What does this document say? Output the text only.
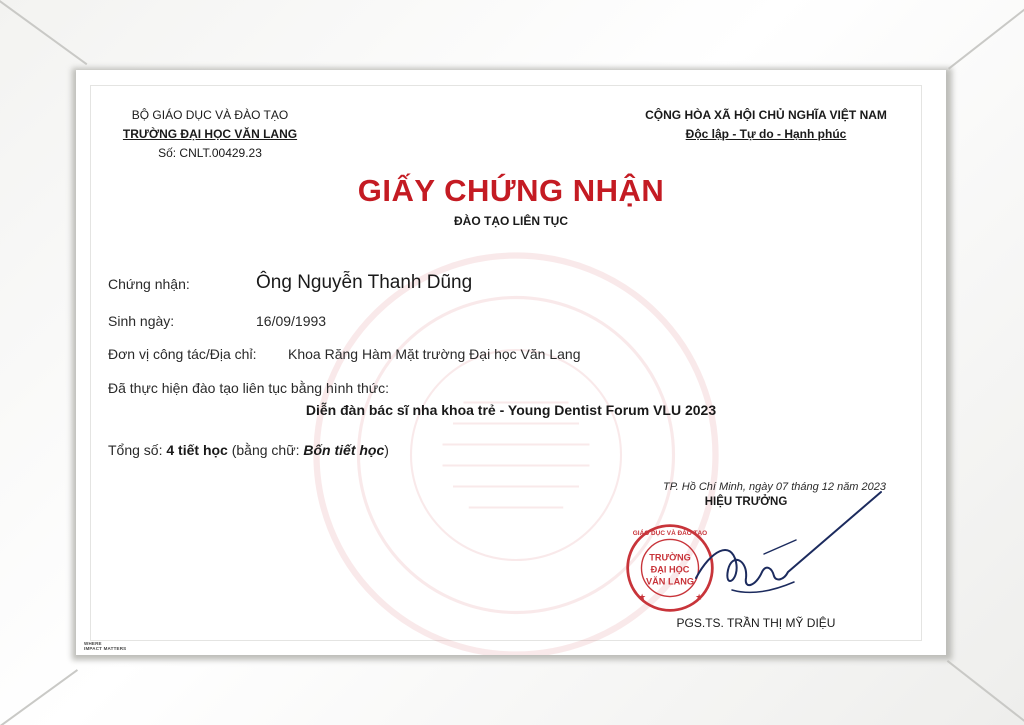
BỘ GIÁO DỤC VÀ ĐÀO TẠO
TRƯỜNG ĐẠI HỌC VĂN LANG
Số: CNLT.00429.23
CỘNG HÒA XÃ HỘI CHỦ NGHĨA VIỆT NAM
Độc lập - Tự do - Hạnh phúc
GIẤY CHỨNG NHẬN
ĐÀO TẠO LIÊN TỤC
Chứng nhận:	Ông Nguyễn Thanh Dũng
Sinh ngày:	16/09/1993
Đơn vị công tác/Địa chỉ: Khoa Răng Hàm Mặt trường Đại học Văn Lang
Đã thực hiện đào tạo liên tục bằng hình thức:
Diễn đàn bác sĩ nha khoa trẻ - Young Dentist Forum VLU 2023
Tổng số: 4 tiết học (bằng chữ: Bốn tiết học)
TP. Hồ Chí Minh, ngày 07 tháng 12 năm 2023
HIỆU TRƯỞNG
GIÁO DỤC VÀ ĐÀO TẠO
TRƯỜNG
ĐẠI HỌC
VĂN LANG
★	★
PGS.TS. TRẦN THỊ MỸ DIỆU
WHERE
IMPACT MATTERS
